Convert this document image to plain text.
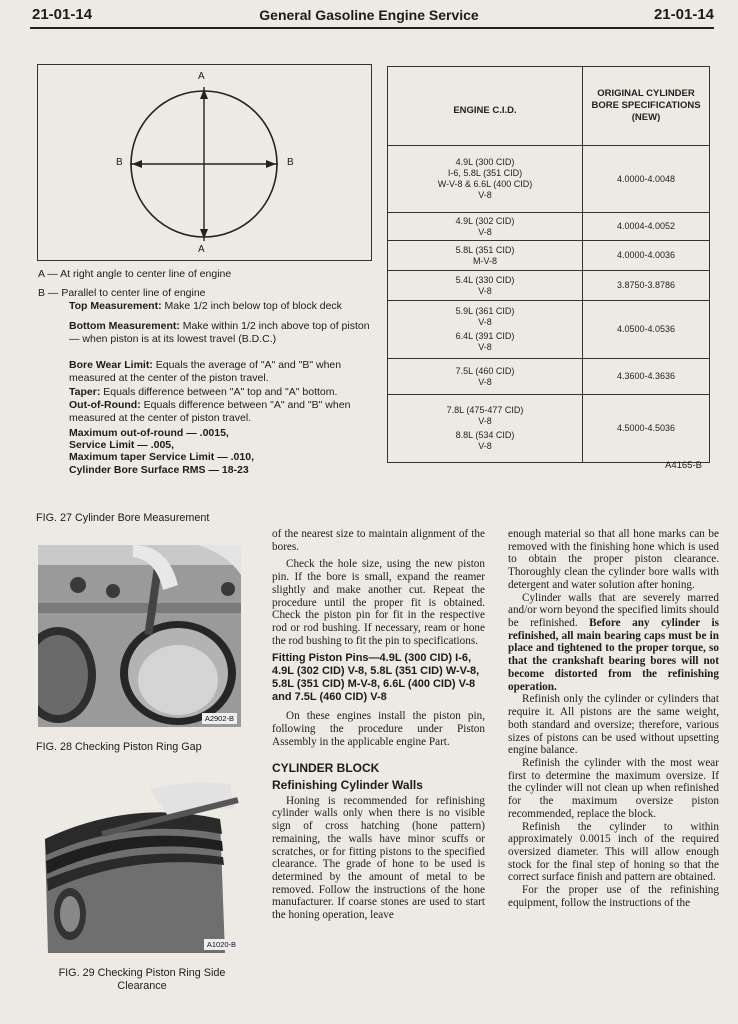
21-01-14	General Gasoline Engine Service	21-01-14
A
A
B	B
A — At right angle to center line of engine
B — Parallel to center line of engine
Top Measurement: Make 1/2 inch below top of block deck
Bottom Measurement: Make within 1/2 inch above top of piston — when piston is at its lowest travel (B.D.C.)
Bore Wear Limit: Equals the average of "A" and "B" when measured at the center of the piston travel.
Taper: Equals difference between "A" top and "A" bottom.
Out-of-Round: Equals difference between "A" and "B" when measured at the center of piston travel.
Maximum out-of-round — .0015,
Service Limit — .005,
Maximum taper Service Limit — .010,
Cylinder Bore Surface RMS — 18-23
FIG. 27 Cylinder Bore Measurement
ENGINE C.I.D.	ORIGINAL CYLINDER BORE SPECIFICATIONS (NEW)

4.9L (300 CID)
I-6, 5.8L (351 CID)
W-V-8 & 6.6L (400 CID)
V-8	4.0000-4.0048

4.9L (302 CID)
V-8	4.0004-4.0052

5.8L (351 CID)
M-V-8	4.0000-4.0036

5.4L (330 CID)
V-8	3.8750-3.8786

5.9L (361 CID)
V-8
6.4L (391 CID)
V-8	4.0500-4.0536

7.5L (460 CID)
V-8	4.3600-4.3636

7.8L (475-477 CID)
V-8
8.8L (534 CID)
V-8	4.5000-4.5036
A4165-B
A2902-B
FIG. 28 Checking Piston Ring Gap
A1020-B
FIG. 29 Checking Piston Ring Side Clearance

of the nearest size to maintain alignment of the bores.

Check the hole size, using the new piston pin. If the bore is small, expand the reamer slightly and make another cut. Repeat the procedure until the proper fit is obtained. Check the piston pin for fit in the respective rod or rod bushing. If necessary, ream or hone the rod bushing to fit the pin to specifications.

Fitting Piston Pins—4.9L (300 CID) I-6, 4.9L (302 CID) V-8, 5.8L (351 CID) W-V-8, 5.8L (351 CID) M-V-8, 6.6L (400 CID) V-8 and 7.5L (460 CID) V-8

On these engines install the piston pin, following the procedure under Piston Assembly in the applicable engine Part.

CYLINDER BLOCK

Refinishing Cylinder Walls

Honing is recommended for refinishing cylinder walls only when there is no visible sign of cross hatching (hone pattern) remaining, the walls have minor scuffs or scratches, or for fitting pistons to the specified clearance. The grade of hone to be used is determined by the amount of metal to be removed. Follow the instructions of the hone manufacturer. If coarse stones are used to start the honing operation, leave

enough material so that all hone marks can be removed with the finishing hone which is used to obtain the proper piston clearance. Thoroughly clean the cylinder bore walls with detergent and water solution after honing.

Cylinder walls that are severely marred and/or worn beyond the specified limits should be refinished. Before any cylinder is refinished, all main bearing caps must be in place and tightened to the proper torque, so that the crankshaft bearing bores will not become distorted from the refinishing operation.

Refinish only the cylinder or cylinders that require it. All pistons are the same weight, both standard and oversize; therefore, various sizes of pistons can be used without upsetting engine balance.

Refinish the cylinder with the most wear first to determine the maximum oversize. If the cylinder will not clean up when refinished for the maximum oversize piston recommended, replace the block.

Refinish the cylinder to within approximately 0.0015 inch of the required oversized diameter. This will allow enough stock for the final step of honing so that the correct surface finish and pattern are obtained.

For the proper use of the refinishing equipment, follow the instructions of the
